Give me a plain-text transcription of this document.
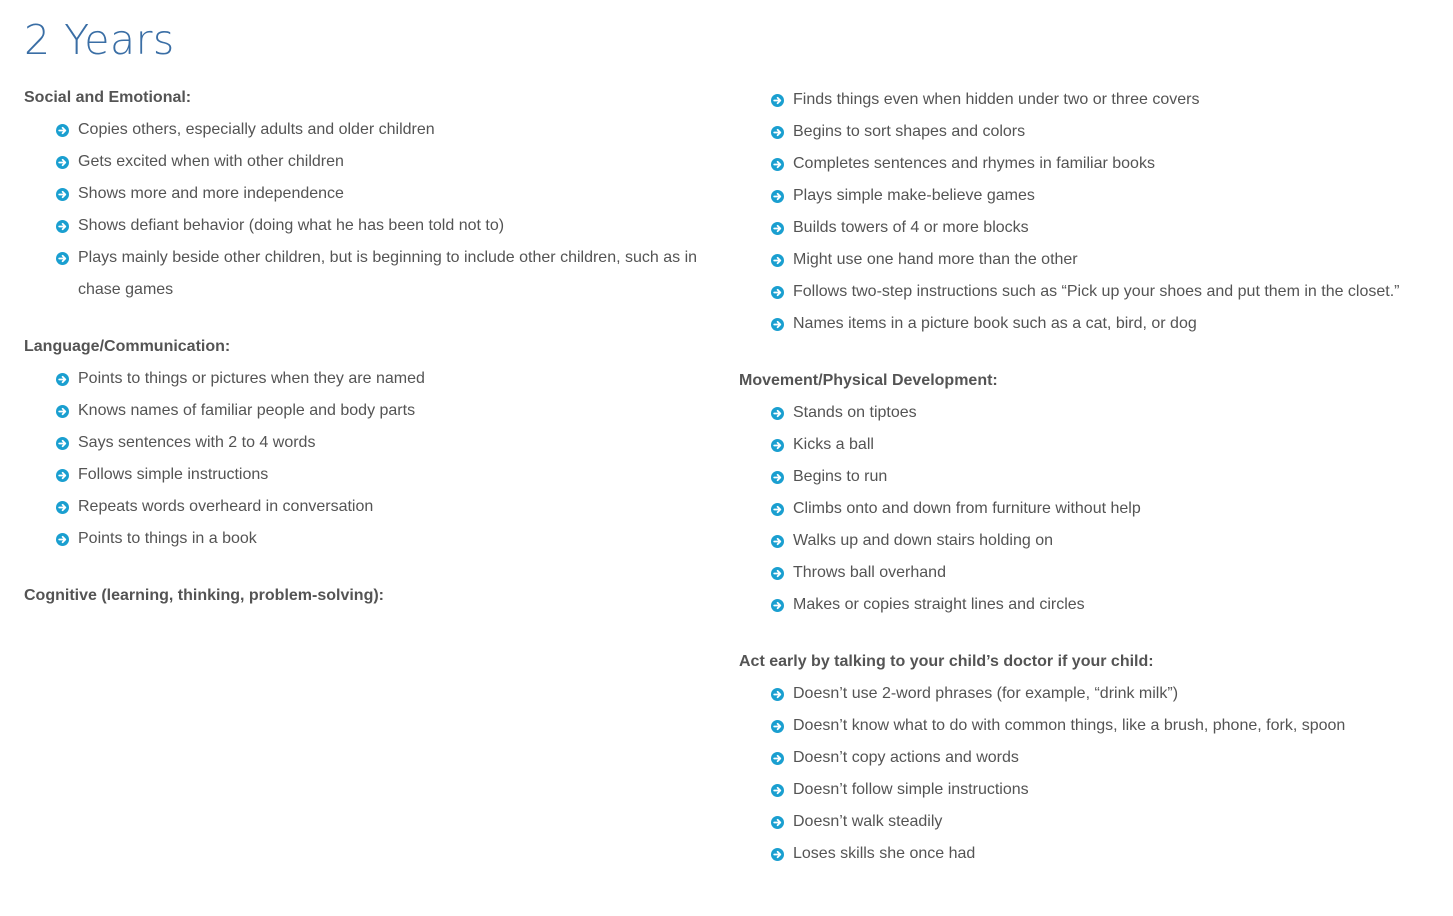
2 Years
Social and Emotional:
Copies others, especially adults and older children
Gets excited when with other children
Shows more and more independence
Shows defiant behavior (doing what he has been told not to)
Plays mainly beside other children, but is beginning to include other children, such as in chase games
Language/Communication:
Points to things or pictures when they are named
Knows names of familiar people and body parts
Says sentences with 2 to 4 words
Follows simple instructions
Repeats words overheard in conversation
Points to things in a book
Cognitive (learning, thinking, problem-solving):
Finds things even when hidden under two or three covers
Begins to sort shapes and colors
Completes sentences and rhymes in familiar books
Plays simple make-believe games
Builds towers of 4 or more blocks
Might use one hand more than the other
Follows two-step instructions such as “Pick up your shoes and put them in the closet.”
Names items in a picture book such as a cat, bird, or dog
Movement/Physical Development:
Stands on tiptoes
Kicks a ball
Begins to run
Climbs onto and down from furniture without help
Walks up and down stairs holding on
Throws ball overhand
Makes or copies straight lines and circles
Act early by talking to your child’s doctor if your child:
Doesn’t use 2-word phrases (for example, “drink milk”)
Doesn’t know what to do with common things, like a brush, phone, fork, spoon
Doesn’t copy actions and words
Doesn’t follow simple instructions
Doesn’t walk steadily
Loses skills she once had
